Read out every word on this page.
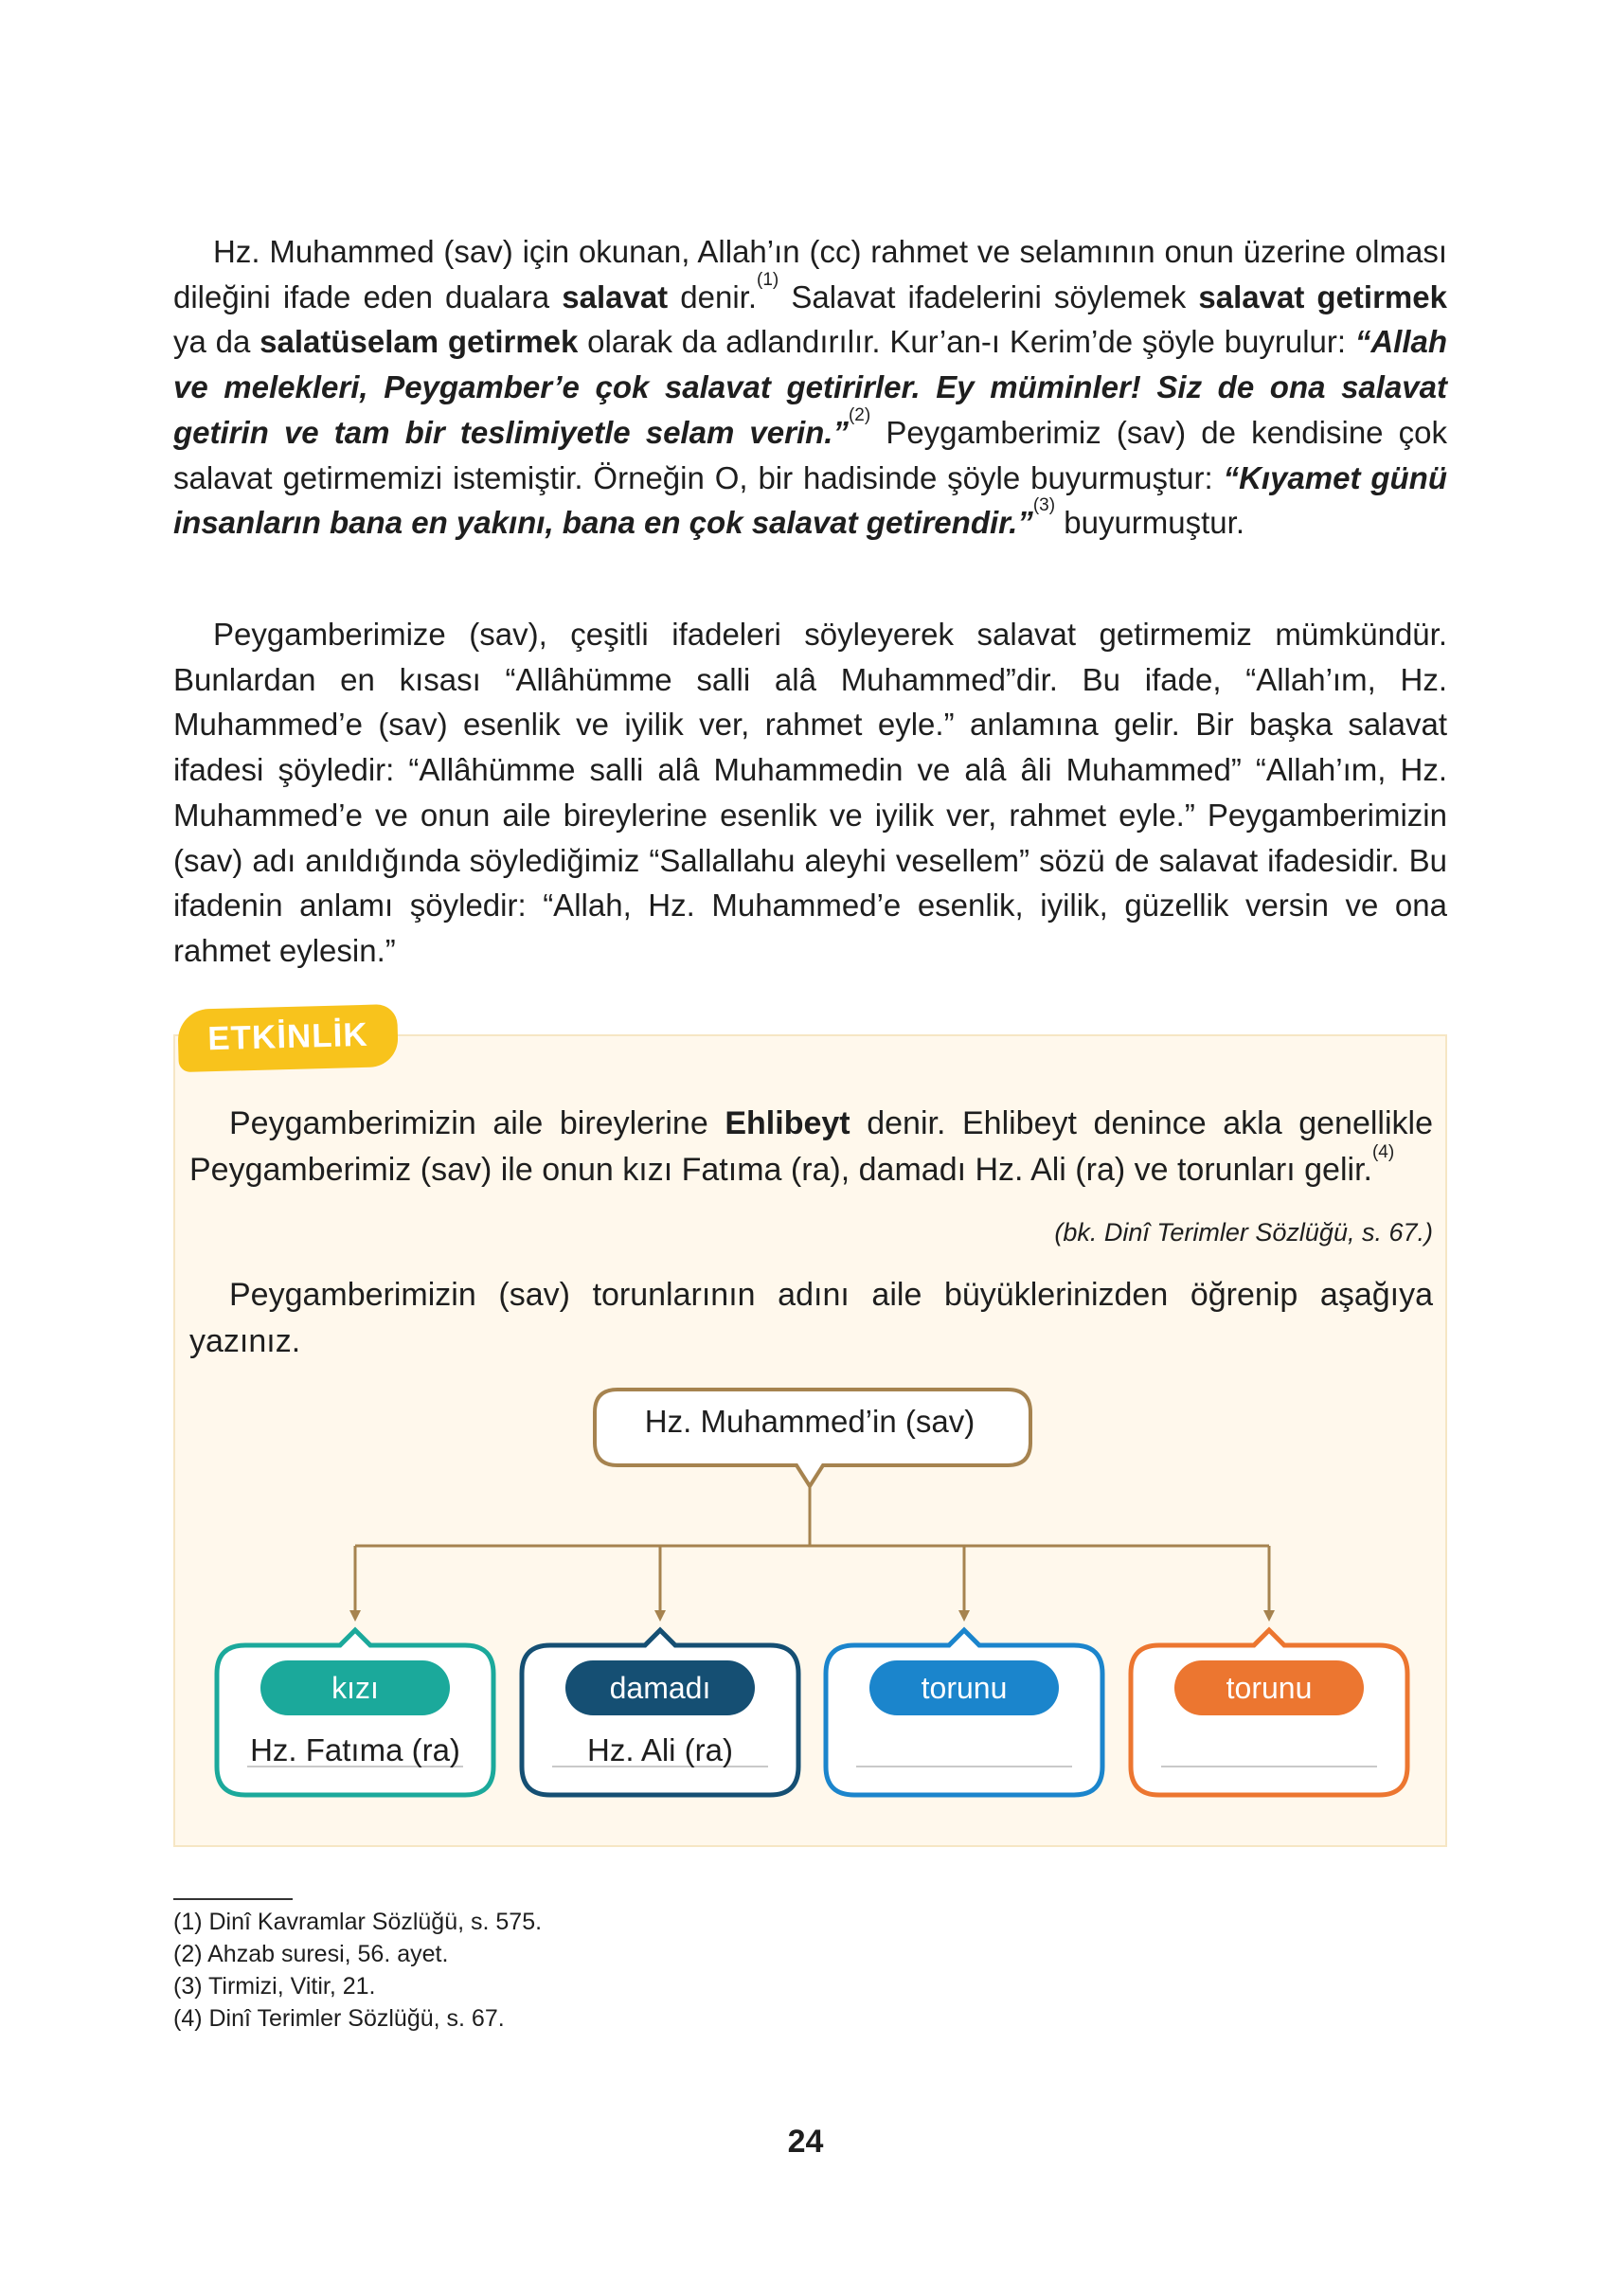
Hz. Muhammed (sav) için okunan, Allah’ın (cc) rahmet ve selamının onun üzerine olması dileğini ifade eden dualara salavat denir.$^{(1)}$ Salavat ifadelerini söylemek salavat getirmek ya da salatüselam getirmek olarak da adlandırılır. Kur’an-ı Kerim’de şöyle buyrulur: “Allah ve melekleri, Peygamber’e çok salavat getirirler. Ey müminler! Siz de ona salavat getirin ve tam bir teslimiyetle selam verin.”$^{(2)}$ Peygamberimiz (sav) de kendisine çok salavat getirmemizi istemiştir. Örneğin O, bir hadisinde şöyle buyurmuştur: “Kıyamet günü insanların bana en yakını, bana en çok salavat getirendir.”$^{(3)}$ buyurmuştur.

Peygamberimize (sav), çeşitli ifadeleri söyleyerek salavat getirmemiz mümkündür. Bunlardan en kısası “Allâhümme salli alâ Muhammed”dir. Bu ifade, “Allah’ım, Hz. Muhammed’e (sav) esenlik ve iyilik ver, rahmet eyle.” anlamına gelir. Bir başka salavat ifadesi şöyledir: “Allâhümme salli alâ Muhammedin ve alâ âli Muhammed” “Allah’ım, Hz. Muhammed’e ve onun aile bireylerine esenlik ve iyilik ver, rahmet eyle.” Peygamberimizin (sav) adı anıldığında söylediğimiz “Sallallahu aleyhi vesellem” sözü de salavat ifadesidir. Bu ifadenin anlamı şöyledir: “Allah, Hz. Muhammed’e esenlik, iyilik, güzellik versin ve ona rahmet eylesin.”

ETKİNLİK

Peygamberimizin aile bireylerine Ehlibeyt denir. Ehlibeyt denince akla genellikle Peygamberimiz (sav) ile onun kızı Fatıma (ra), damadı Hz. Ali (ra) ve torunları gelir.$^{(4)}$

(bk. Dinî Terimler Sözlüğü, s. 67.)

Peygamberimizin (sav) torunlarının adını aile büyüklerinizden öğrenip aşağıya yazınız.

Hz. Muhammed’in (sav)
kızı
Hz. Fatıma (ra)
damadı
Hz. Ali (ra)
torunu	torunu
(1) Dinî Kavramlar Sözlüğü, s. 575.
(2) Ahzab suresi, 56. ayet.
(3) Tirmizi, Vitir, 21.
(4) Dinî Terimler Sözlüğü, s. 67.
24
